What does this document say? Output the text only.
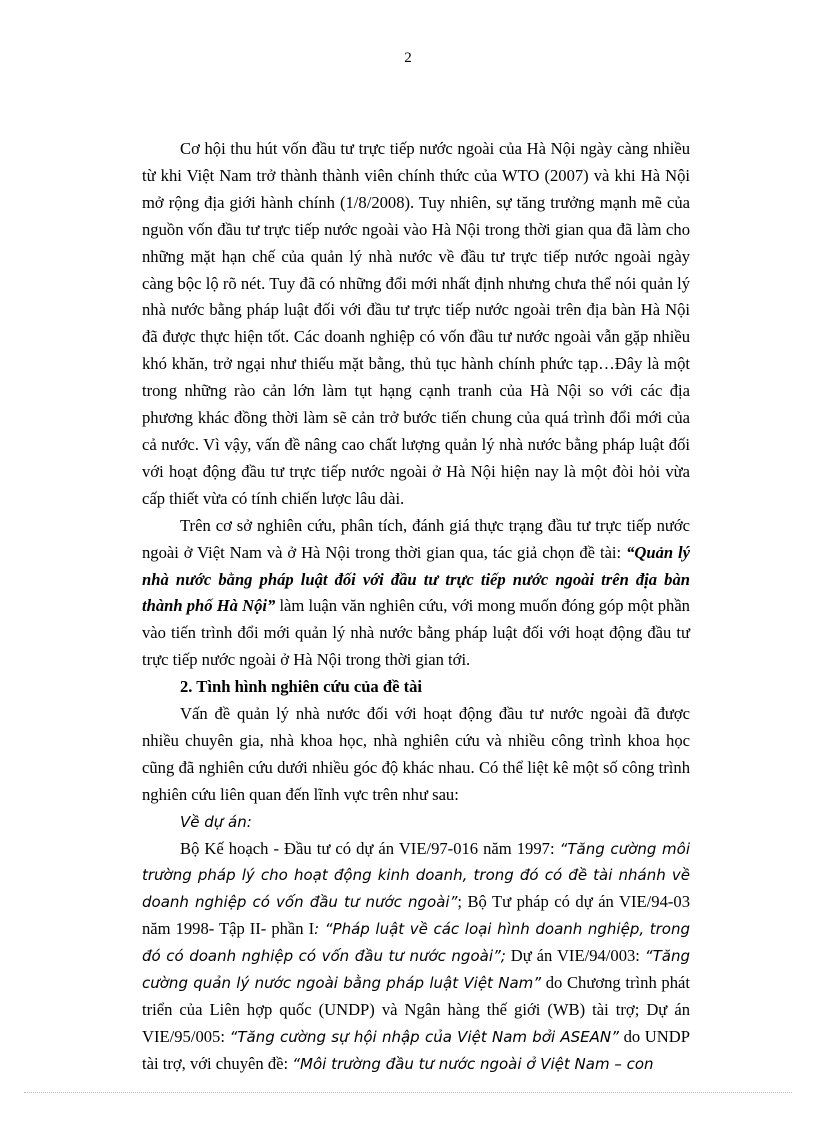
2

Cơ hội thu hút vốn đầu tư trực tiếp nước ngoài của Hà Nội ngày càng nhiều từ khi Việt Nam trở thành thành viên chính thức của WTO (2007) và khi Hà Nội mở rộng địa giới hành chính (1/8/2008). Tuy nhiên, sự tăng trưởng mạnh mẽ của nguồn vốn đầu tư trực tiếp nước ngoài vào Hà Nội trong thời gian qua đã làm cho những mặt hạn chế của quản lý nhà nước về đầu tư trực tiếp nước ngoài ngày càng bộc lộ rõ nét. Tuy đã có những đổi mới nhất định nhưng chưa thể nói quản lý nhà nước bằng pháp luật đối với đầu tư trực tiếp nước ngoài trên địa bàn Hà Nội đã được thực hiện tốt. Các doanh nghiệp có vốn đầu tư nước ngoài vẫn gặp nhiều khó khăn, trở ngại như thiếu mặt bằng, thủ tục hành chính phức tạp…Đây là một trong những rào cản lớn làm tụt hạng cạnh tranh của Hà Nội so với các địa phương khác đồng thời làm sẽ cản trở bước tiến chung của quá trình đổi mới của cả nước. Vì vậy, vấn đề nâng cao chất lượng quản lý nhà nước bằng pháp luật đối với hoạt động đầu tư trực tiếp nước ngoài ở Hà Nội hiện nay là một đòi hỏi vừa cấp thiết vừa có tính chiến lược lâu dài.

Trên cơ sở nghiên cứu, phân tích, đánh giá thực trạng đầu tư trực tiếp nước ngoài ở Việt Nam và ở Hà Nội trong thời gian qua, tác giả chọn đề tài: “Quản lý nhà nước bằng pháp luật đối với đầu tư trực tiếp nước ngoài trên địa bàn thành phố Hà Nội” làm luận văn nghiên cứu, với mong muốn đóng góp một phần vào tiến trình đổi mới quản lý nhà nước bằng pháp luật đối với hoạt động đầu tư trực tiếp nước ngoài ở Hà Nội trong thời gian tới.

2. Tình hình nghiên cứu của đề tài

Vấn đề quản lý nhà nước đối với hoạt động đầu tư nước ngoài đã được nhiều chuyên gia, nhà khoa học, nhà nghiên cứu và nhiều công trình khoa học cũng đã nghiên cứu dưới nhiều góc độ khác nhau. Có thể liệt kê một số công trình nghiên cứu liên quan đến lĩnh vực trên như sau:

Về dự án:

Bộ Kế hoạch - Đầu tư có dự án VIE/97-016 năm 1997: “Tăng cường môi trường pháp lý cho hoạt động kinh doanh, trong đó có đề tài nhánh về doanh nghiệp có vốn đầu tư nước ngoài”; Bộ Tư pháp có dự án VIE/94-03 năm 1998- Tập II- phần I: “Pháp luật về các loại hình doanh nghiệp, trong đó có doanh nghiệp có vốn đầu tư nước ngoài”; Dự án VIE/94/003: “Tăng cường quản lý nước ngoài bằng pháp luật Việt Nam” do Chương trình phát triển của Liên hợp quốc (UNDP) và Ngân hàng thế giới (WB) tài trợ; Dự án VIE/95/005: “Tăng cường sự hội nhập của Việt Nam bởi ASEAN” do UNDP tài trợ, với chuyên đề: “Môi trường đầu tư nước ngoài ở Việt Nam – con
